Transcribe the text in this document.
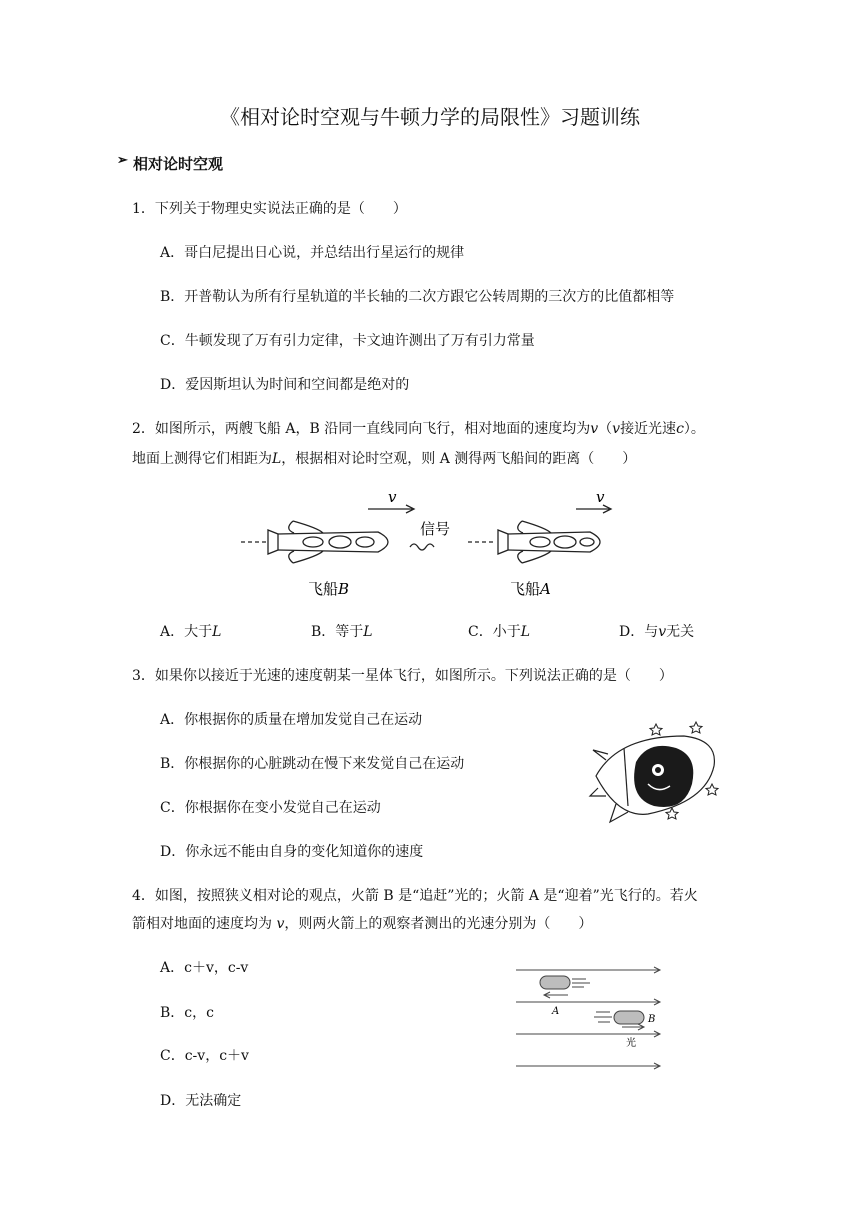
《相对论时空观与牛顿力学的局限性》习题训练
➢ 相对论时空观
1．下列关于物理史实说法正确的是（　　）
A．哥白尼提出日心说，并总结出行星运行的规律
B．开普勒认为所有行星轨道的半长轴的二次方跟它公转周期的三次方的比值都相等
C．牛顿发现了万有引力定律，卡文迪许测出了万有引力常量
D．爱因斯坦认为时间和空间都是绝对的
2．如图所示，两艘飞船 A，B 沿同一直线同向飞行，相对地面的速度均为v（v接近光速c）。
地面上测得它们相距为L，根据相对论时空观，则 A 测得两飞船间的距离（　　）
v	v
信号
飞船B	飞船A
A．大于L	B．等于L	C．小于L	D．与v无关
3．如果你以接近于光速的速度朝某一星体飞行，如图所示。下列说法正确的是（　　）
A．你根据你的质量在增加发觉自己在运动
B．你根据你的心脏跳动在慢下来发觉自己在运动
C．你根据你在变小发觉自己在运动
D．你永远不能由自身的变化知道你的速度
4．如图，按照狭义相对论的观点，火箭 B 是“追赶”光的；火箭 A 是“迎着”光飞行的。若火
箭相对地面的速度均为 v，则两火箭上的观察者测出的光速分别为（　　）
A．c＋v，c-v
B．c，c
C．c-v，c＋v
D．无法确定
A
B
光
